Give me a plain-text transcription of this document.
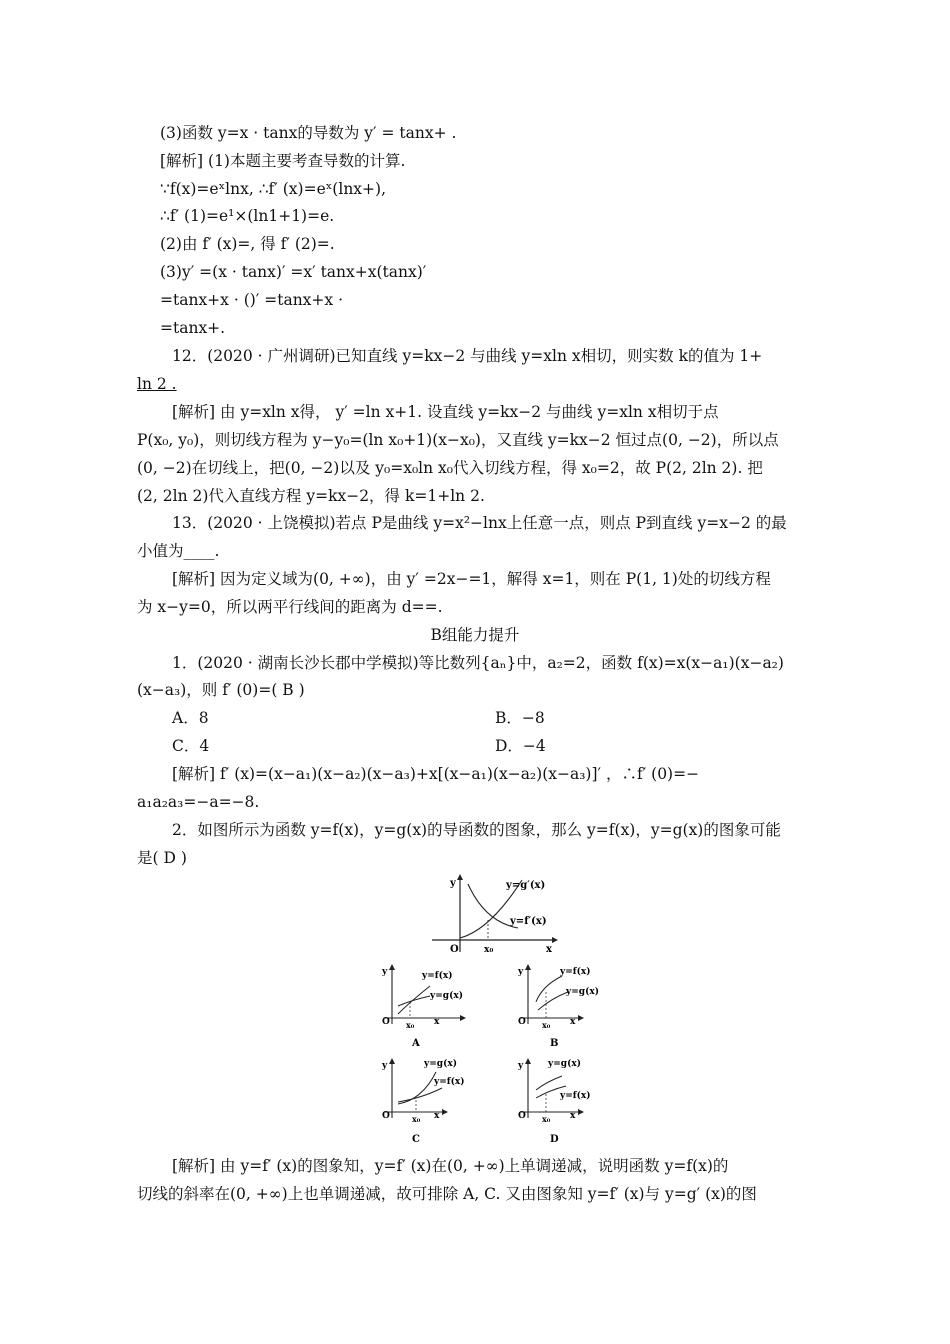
(3)函数 y=x · tanx的导数为 y′ = tanx+ .
[解析] (1)本题主要考查导数的计算.
∵f(x)=eˣlnx, ∴f′ (x)=eˣ(lnx+),
∴f′ (1)=e¹×(ln1+1)=e.
(2)由 f′ (x)=, 得 f′ (2)=.
(3)y′ =(x · tanx)′ =x′ tanx+x(tanx)′
=tanx+x · ()′ =tanx+x ·
=tanx+.
12．(2020 · 广州调研)已知直线 y=kx−2 与曲线 y=xln x相切，则实数 k的值为 1+
ln 2 .
[解析] 由 y=xln x得， y′ =ln x+1. 设直线 y=kx−2 与曲线 y=xln x相切于点
P(x₀, y₀)，则切线方程为 y−y₀=(ln x₀+1)(x−x₀)，又直线 y=kx−2 恒过点(0, −2)，所以点
(0, −2)在切线上，把(0, −2)以及 y₀=x₀ln x₀代入切线方程，得 x₀=2，故 P(2, 2ln 2). 把
(2, 2ln 2)代入直线方程 y=kx−2，得 k=1+ln 2.
13．(2020 · 上饶模拟)若点 P是曲线 y=x²−lnx上任意一点，则点 P到直线 y=x−2 的最
小值为____.
[解析] 因为定义域为(0, +∞)，由 y′ =2x−=1，解得 x=1，则在 P(1, 1)处的切线方程
为 x−y=0，所以两平行线间的距离为 d==.
B组能力提升
1．(2020 · 湖南长沙长郡中学模拟)等比数列{aₙ}中，a₂=2，函数 f(x)=x(x−a₁)(x−a₂)
(x−a₃)，则 f′ (0)=( B )
A．8	B．−8
C．4	D．−4
[解析] f′ (x)=(x−a₁)(x−a₂)(x−a₃)+x[(x−a₁)(x−a₂)(x−a₃)]′ ，∴f′ (0)=−
a₁a₂a₃=−a=−8.
2．如图所示为函数 y=f(x)，y=g(x)的导函数的图象，那么 y=f(x)，y=g(x)的图象可能
是( D )
y
x
O	x₀
y=g′(x)
y=f′(x)
y
O x₀ x
y=f(x)
y=g(x)
A
y
O x₀ x
y=f(x)
y=g(x)
B
y
O	x₀ x
y=g(x)
y=f(x)
C
y
O x₀ x
y=g(x)
y=f(x)
D
[解析] 由 y=f′ (x)的图象知，y=f′ (x)在(0, +∞)上单调递减，说明函数 y=f(x)的
切线的斜率在(0, +∞)上也单调递减，故可排除 A, C. 又由图象知 y=f′ (x)与 y=g′ (x)的图
